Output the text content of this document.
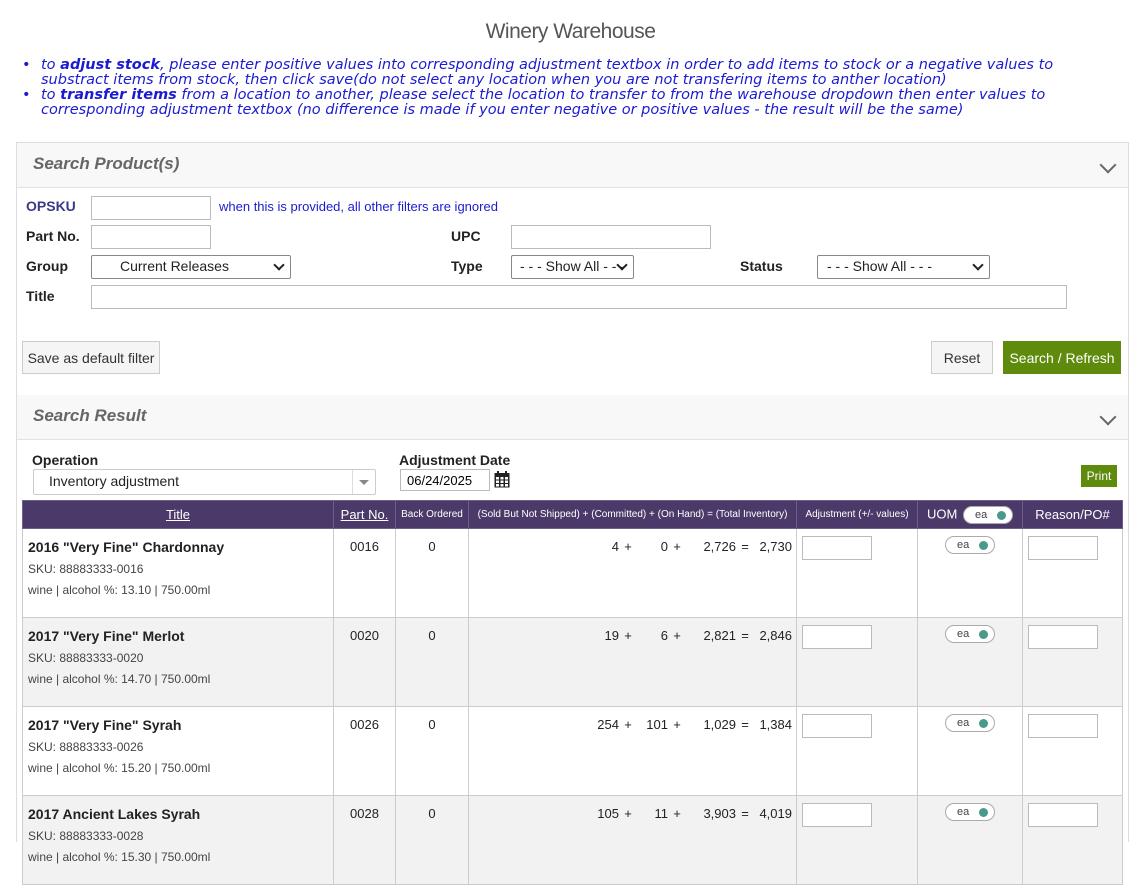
Winery Warehouse
• to adjust stock, please enter positive values into corresponding adjustment textbox in order to add items to stock or a negative values to substract items from stock, then click save(do not select any location when you are not transfering items to anther location)
• to transfer items from a location to another, please select the location to transfer to from the warehouse dropdown then enter values to corresponding adjustment textbox (no difference is made if you enter negative or positive values - the result will be the same)
Search Product(s)
OPSKU	when this is provided, all other filters are ignored
Part No.	UPC
Group	Current Releases	Type	- - - Show All - - -	Status	- - - Show All - - -
Title
Save as default filter	Reset	Search / Refresh
Search Result
Operation
Inventory adjustment
Adjustment Date
06/24/2025
Print
Title	Part No.	Back Ordered	(Sold But Not Shipped) + (Committed) + (On Hand) = (Total Inventory)	Adjustment (+/- values)	UOM ea	Reason/PO#

2016 "Very Fine" Chardonnay
SKU: 88883333-0016
wine | alcohol %: 13.10 | 750.00ml	0016	0	4 + 0 + 2,726 = 2,730		ea

2017 "Very Fine" Merlot
SKU: 88883333-0020
wine | alcohol %: 14.70 | 750.00ml	0020	0	19 + 6 + 2,821 = 2,846		ea

2017 "Very Fine" Syrah
SKU: 88883333-0026
wine | alcohol %: 15.20 | 750.00ml	0026	0	254 + 101 + 1,029 = 1,384		ea

2017 Ancient Lakes Syrah
SKU: 88883333-0028
wine | alcohol %: 15.30 | 750.00ml	0028	0	105 + 11 + 3,903 = 4,019		ea
